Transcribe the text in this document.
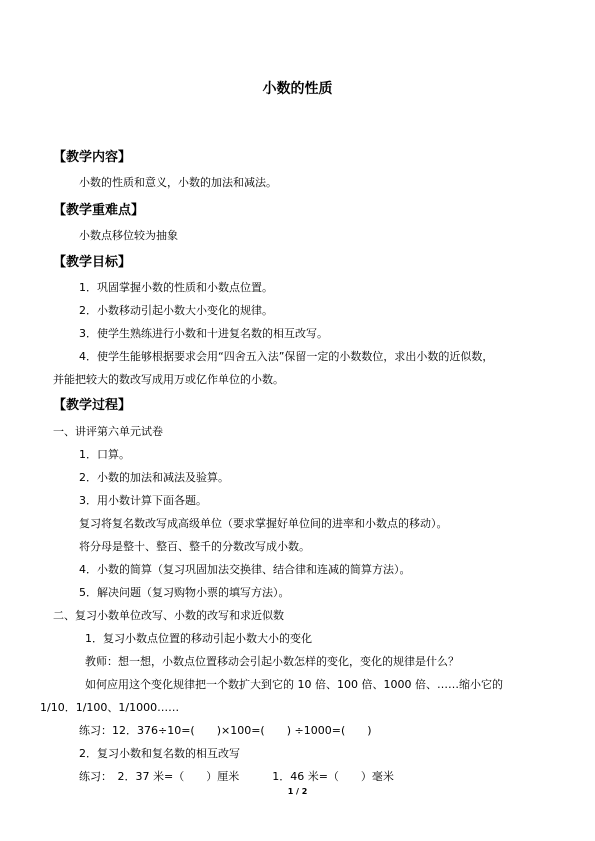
小数的性质
【教学内容】
小数的性质和意义，小数的加法和减法。
【教学重难点】
小数点移位较为抽象
【教学目标】
1．巩固掌握小数的性质和小数点位置。
2．小数移动引起小数大小变化的规律。
3．使学生熟练进行小数和十进复名数的相互改写。
4．使学生能够根据要求会用“四舍五入法”保留一定的小数数位，求出小数的近似数，
并能把较大的数改写成用万或亿作单位的小数。
【教学过程】
一、讲评第六单元试卷
1．口算。
2．小数的加法和减法及验算。
3．用小数计算下面各题。
复习将复名数改写成高级单位（要求掌握好单位间的进率和小数点的移动）。
将分母是整十、整百、整千的分数改写成小数。
4．小数的简算（复习巩固加法交换律、结合律和连减的简算方法）。
5．解决问题（复习购物小票的填写方法）。
二、复习小数单位改写、小数的改写和求近似数
1．复习小数点位置的移动引起小数大小的变化
教师：想一想，小数点位置移动会引起小数怎样的变化，变化的规律是什么？
如何应用这个变化规律把一个数扩大到它的 10 倍、100 倍、1000 倍、……缩小它的
1/10．1/100、1/1000……
练习：12．376÷10=(　　)×100=(　　) ÷1000=(　　)
2．复习小数和复名数的相互改写
练习：　2．37 米=（　　）厘米　　　1．46 米=（　　）毫米
1 / 2
